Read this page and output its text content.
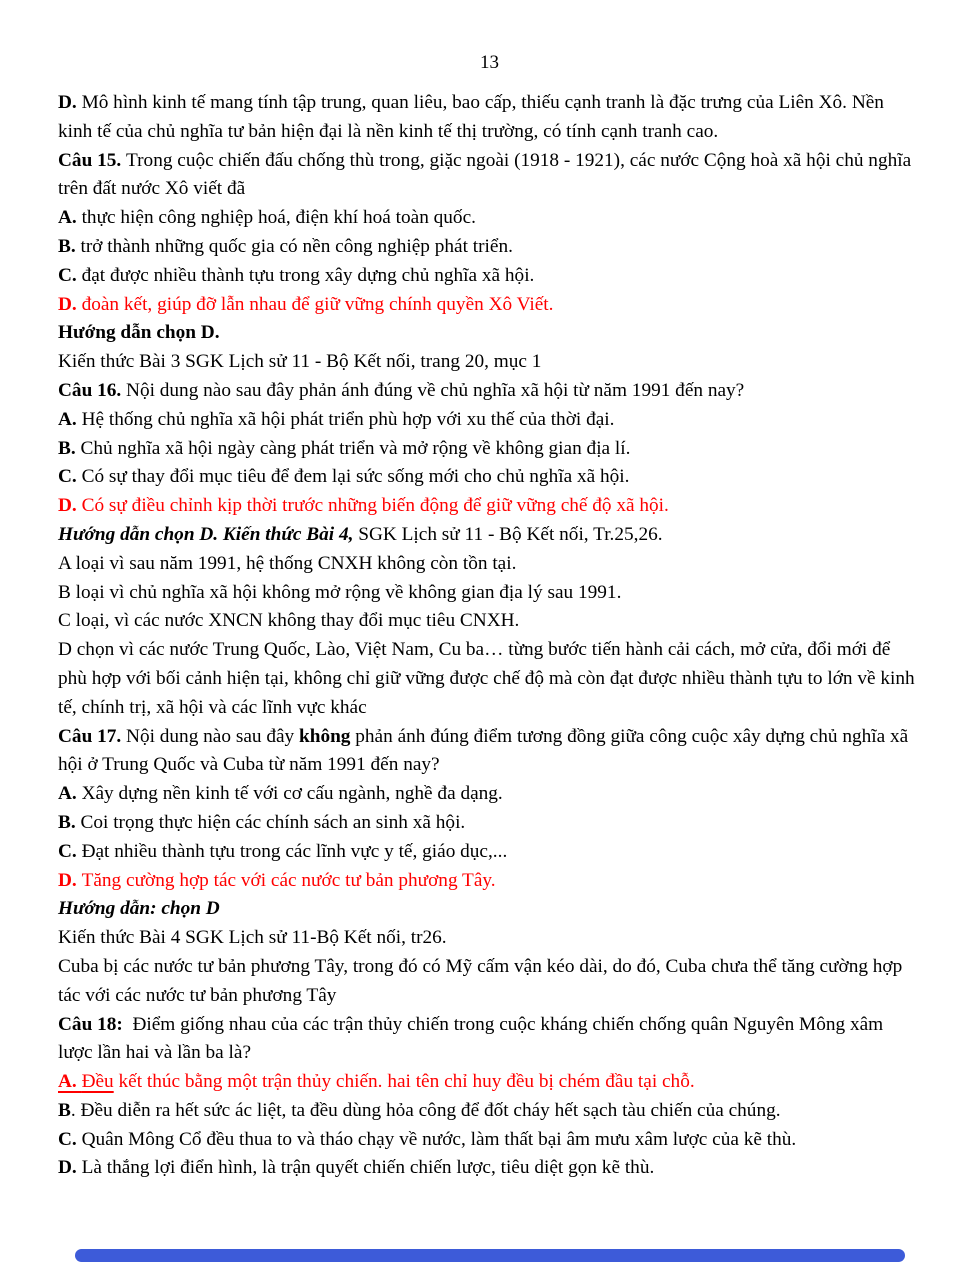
13

D. Mô hình kinh tế mang tính tập trung, quan liêu, bao cấp, thiếu cạnh tranh là đặc trưng của Liên Xô. Nền kinh tế của chủ nghĩa tư bản hiện đại là nền kinh tế thị trường, có tính cạnh tranh cao.

Câu 15. Trong cuộc chiến đấu chống thù trong, giặc ngoài (1918 - 1921), các nước Cộng hoà xã hội chủ nghĩa trên đất nước Xô viết đã

A. thực hiện công nghiệp hoá, điện khí hoá toàn quốc.

B. trở thành những quốc gia có nền công nghiệp phát triển.

C. đạt được nhiều thành tựu trong xây dựng chủ nghĩa xã hội.

D. đoàn kết, giúp đỡ lẫn nhau để giữ vững chính quyền Xô Viết.

Hướng dẫn chọn D.

Kiến thức Bài 3 SGK Lịch sử 11 - Bộ Kết nối, trang 20, mục 1

Câu 16. Nội dung nào sau đây phản ánh đúng về chủ nghĩa xã hội từ năm 1991 đến nay?

A. Hệ thống chủ nghĩa xã hội phát triển phù hợp với xu thế của thời đại.

B. Chủ nghĩa xã hội ngày càng phát triển và mở rộng về không gian địa lí.

C. Có sự thay đổi mục tiêu để đem lại sức sống mới cho chủ nghĩa xã hội.

D. Có sự điều chỉnh kịp thời trước những biến động để giữ vững chế độ xã hội.

Hướng dẫn chọn D. Kiến thức Bài 4, SGK Lịch sử 11 - Bộ Kết nối, Tr.25,26.

A loại vì sau năm 1991, hệ thống CNXH không còn tồn tại.

B loại vì chủ nghĩa xã hội không mở rộng về không gian địa lý sau 1991.

C loại, vì các nước XNCN không thay đổi mục tiêu CNXH.

D chọn vì các nước Trung Quốc, Lào, Việt Nam, Cu ba… từng bước tiến hành cải cách, mở cửa, đổi mới để phù hợp với bối cảnh hiện tại, không chỉ giữ vững được chế độ mà còn đạt được nhiều thành tựu to lớn về kinh tế, chính trị, xã hội và các lĩnh vực khác

Câu 17. Nội dung nào sau đây không phản ánh đúng điểm tương đồng giữa công cuộc xây dựng chủ nghĩa xã hội ở Trung Quốc và Cuba từ năm 1991 đến nay?

A. Xây dựng nền kinh tế với cơ cấu ngành, nghề đa dạng.

B. Coi trọng thực hiện các chính sách an sinh xã hội.

C. Đạt nhiều thành tựu trong các lĩnh vực y tế, giáo dục,...

D. Tăng cường hợp tác với các nước tư bản phương Tây.

Hướng dẫn: chọn D

Kiến thức Bài 4 SGK Lịch sử 11-Bộ Kết nối, tr26.

Cuba bị các nước tư bản phương Tây, trong đó có Mỹ cấm vận kéo dài, do đó, Cuba chưa thể tăng cường hợp tác với các nước tư bản phương Tây

Câu 18:  Điểm giống nhau của các trận thủy chiến trong cuộc kháng chiến chống quân Nguyên Mông xâm lược lần hai và lần ba là?

A. Đều kết thúc bằng một trận thủy chiến. hai tên chỉ huy đều bị chém đầu tại chỗ.

B. Đều diễn ra hết sức ác liệt, ta đều dùng hỏa công để đốt cháy hết sạch tàu chiến của chúng.

C. Quân Mông Cổ đều thua to và tháo chạy về nước, làm thất bại âm mưu xâm lược của kẽ thù.

D. Là thắng lợi điển hình, là trận quyết chiến chiến lược, tiêu diệt gọn kẽ thù.
